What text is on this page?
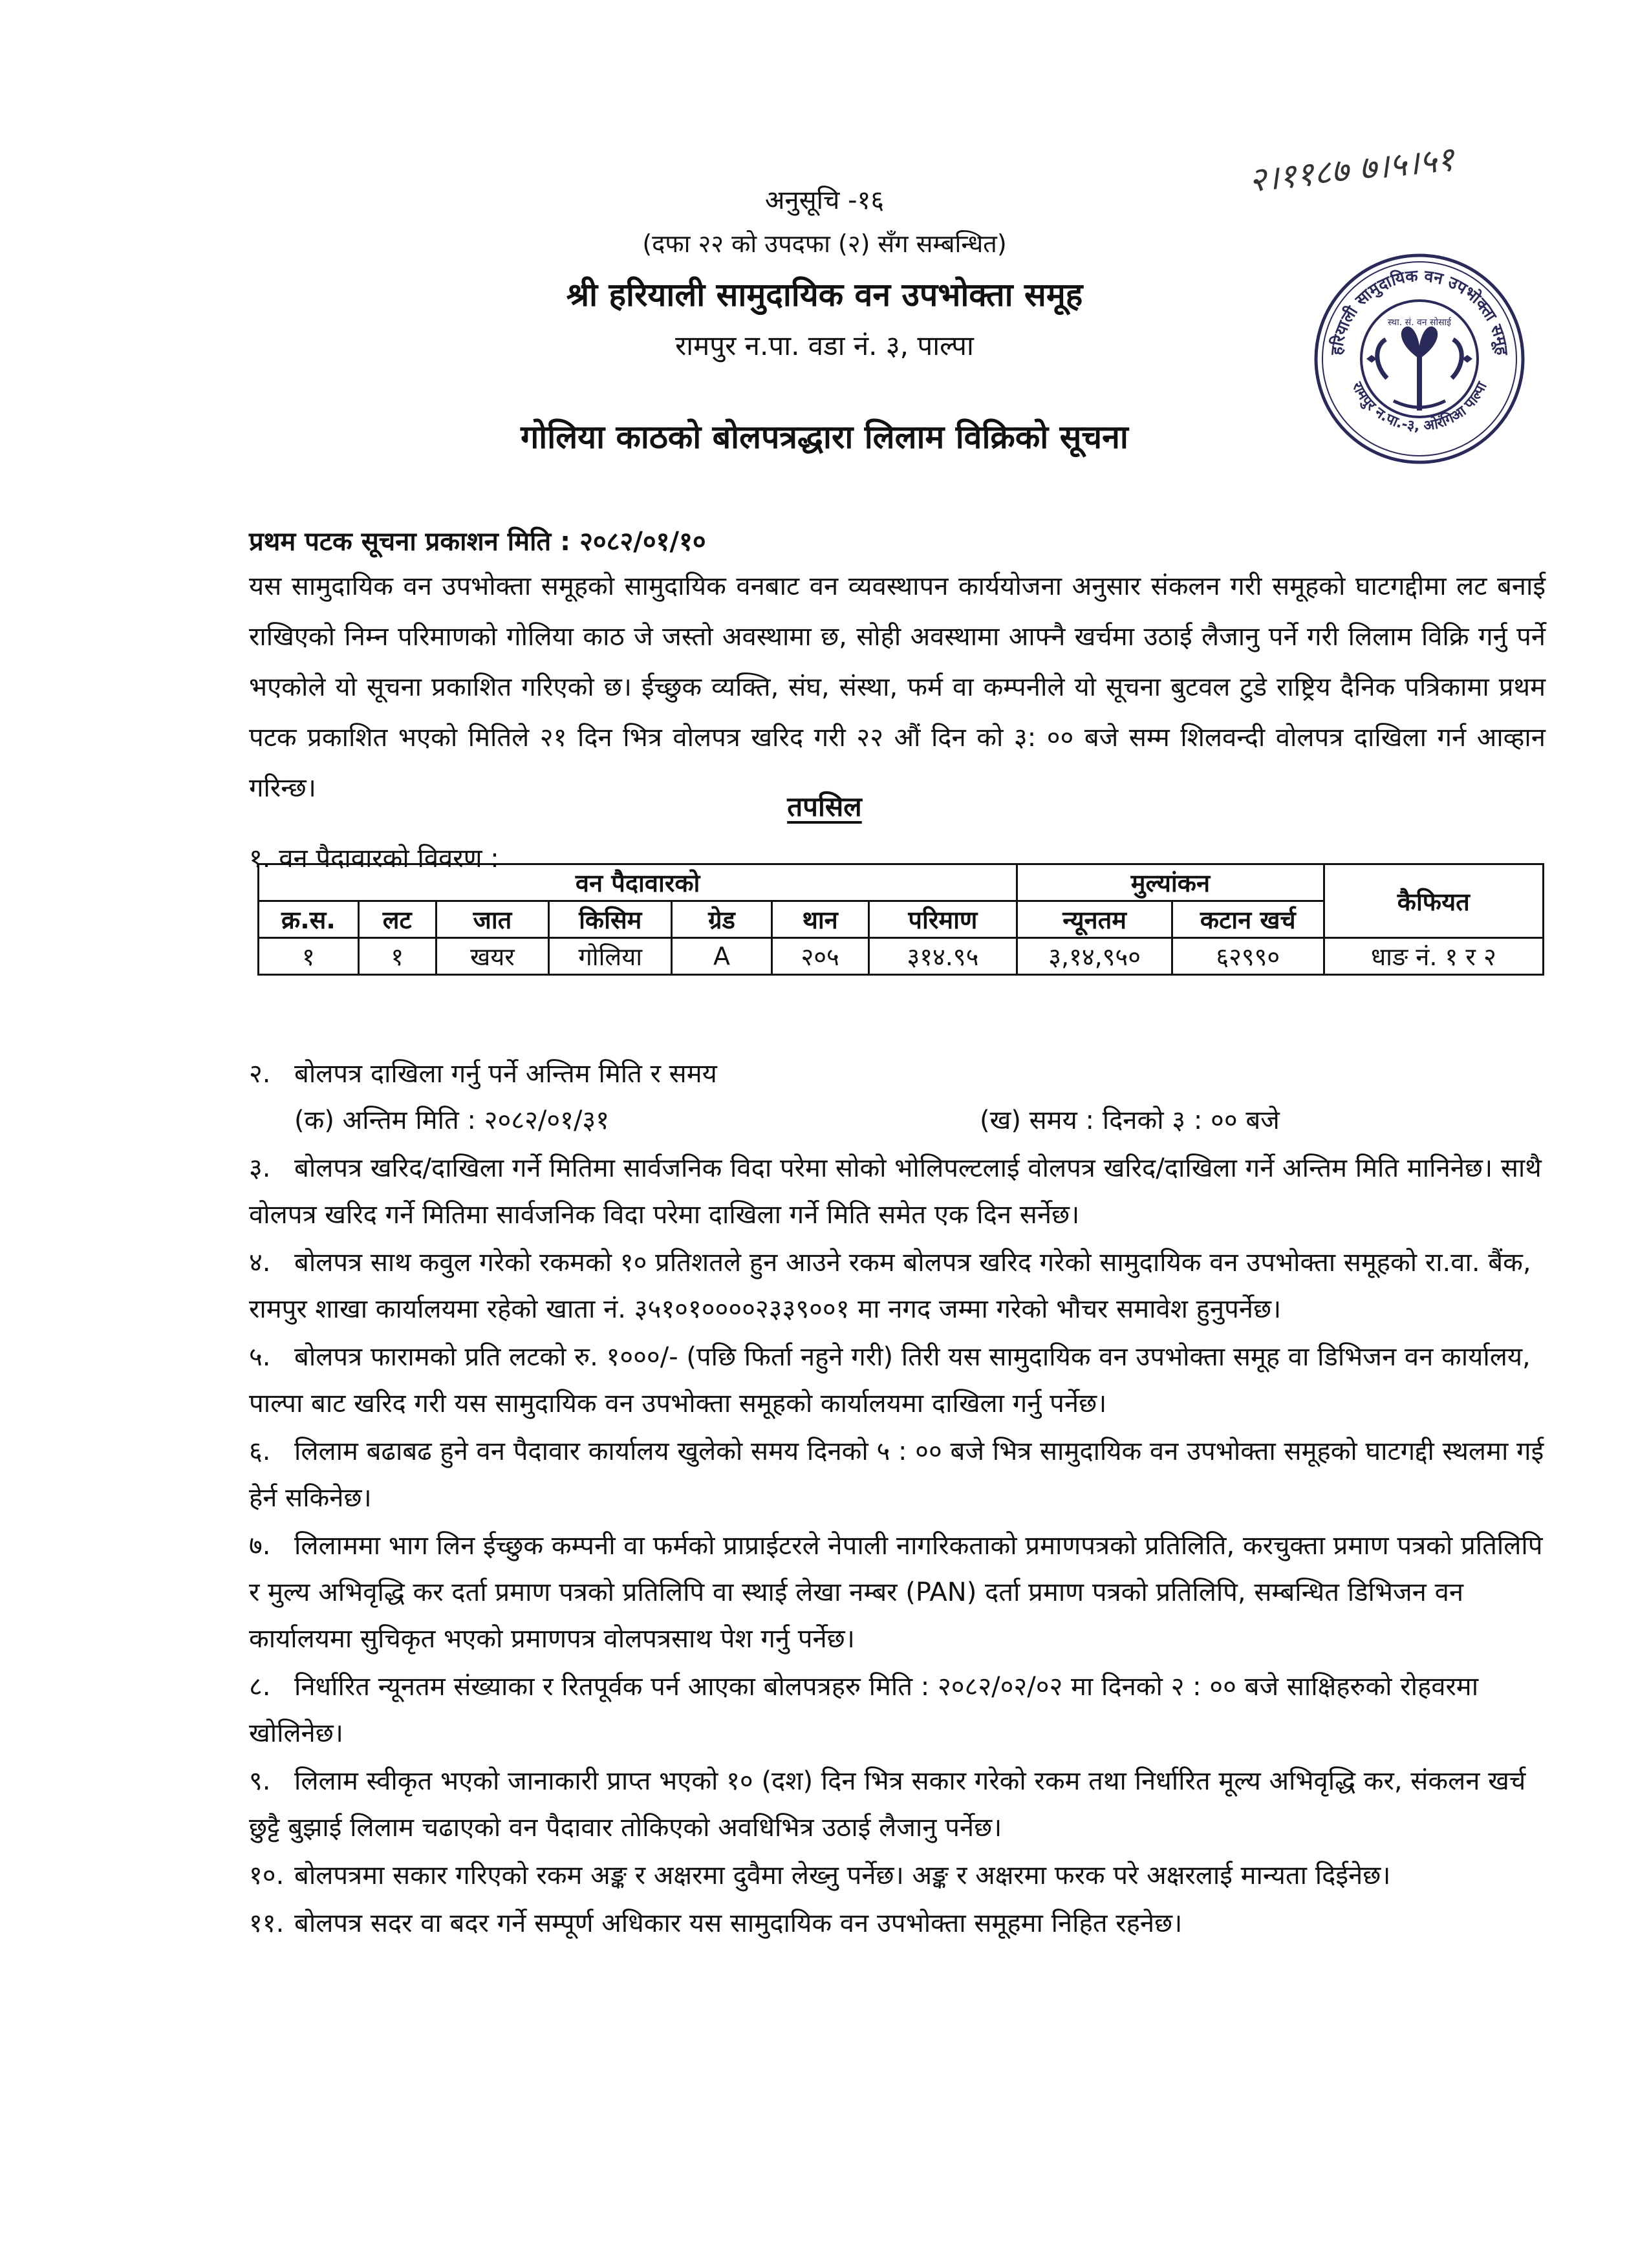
२।११८७ ७।५।५१
अनुसूचि -१६
(दफा २२ को उपदफा (२) सँग सम्बन्धित)
श्री हरियाली सामुदायिक वन उपभोक्ता समूह
रामपुर न.पा. वडा नं. ३, पाल्पा
गोलिया काठको बोलपत्रद्धारा लिलाम विक्रिको सूचना
हरियाली सामुदायिक वन उपभोक्ता समूह
रामपुर न.पा.-३, ओरंगिआ पाल्पा
स्था. सं. वन सोसाई
प्रथम पटक सूचना प्रकाशन मिति : २०८२/०१/१०

यस सामुदायिक वन उपभोक्ता समूहको सामुदायिक वनबाट वन व्यवस्थापन कार्ययोजना अनुसार संकलन गरी समूहको घाटगद्दीमा लट बनाई राखिएको निम्न परिमाणको गोलिया काठ जे जस्तो अवस्थामा छ, सोही अवस्थामा आफ्नै खर्चमा उठाई लैजानु पर्ने गरी लिलाम विक्रि गर्नु पर्ने भएकोले यो सूचना प्रकाशित गरिएको छ। ईच्छुक व्यक्ति, संघ, संस्था, फर्म वा कम्पनीले यो सूचना बुटवल टुडे राष्ट्रिय दैनिक पत्रिकामा प्रथम पटक प्रकाशित भएको मितिले २१ दिन भित्र वोलपत्र खरिद गरी २२ औं दिन को ३: ०० बजे सम्म शिलवन्दी वोलपत्र दाखिला गर्न आव्हान गरिन्छ।

तपसिल
१. वन पैदावारको विवरण :
वन पैदावारको							मुल्यांकन		कैफियत
क्र.स.	लट	जात	किसिम	ग्रेड	थान	परिमाण	न्यूनतम	कटान खर्च	
१	१	खयर	गोलिया	A	२०५	३१४.९५	३,१४,९५०	६२९९०	धाङ नं. १ र २
२. बोलपत्र दाखिला गर्नु पर्ने अन्तिम मिति र समय
(क) अन्तिम मिति : २०८२/०१/३१	(ख) समय : दिनको ३ : ०० बजे
३. बोलपत्र खरिद/दाखिला गर्ने मितिमा सार्वजनिक विदा परेमा सोको भोलिपल्टलाई वोलपत्र खरिद/दाखिला गर्ने अन्तिम मिति मानिनेछ। साथै वोलपत्र खरिद गर्ने मितिमा सार्वजनिक विदा परेमा दाखिला गर्ने मिति समेत एक दिन सर्नेछ।
४. बोलपत्र साथ कवुल गरेको रकमको १० प्रतिशतले हुन आउने रकम बोलपत्र खरिद गरेको सामुदायिक वन उपभोक्ता समूहको रा.वा. बैंक, रामपुर शाखा कार्यालयमा रहेको खाता नं. ३५१०१००००२३३९००१ मा नगद जम्मा गरेको भौचर समावेश हुनुपर्नेछ।
५. बोलपत्र फारामको प्रति लटको रु. १०००/- (पछि फिर्ता नहुने गरी) तिरी यस सामुदायिक वन उपभोक्ता समूह वा डिभिजन वन कार्यालय, पाल्पा बाट खरिद गरी यस सामुदायिक वन उपभोक्ता समूहको कार्यालयमा दाखिला गर्नु पर्नेछ।
६. लिलाम बढाबढ हुने वन पैदावार कार्यालय खुलेको समय दिनको ५ : ०० बजे भित्र सामुदायिक वन उपभोक्ता समूहको घाटगद्दी स्थलमा गई हेर्न सकिनेछ।
७. लिलाममा भाग लिन ईच्छुक कम्पनी वा फर्मको प्राप्राईटरले नेपाली नागरिकताको प्रमाणपत्रको प्रतिलिति, करचुक्ता प्रमाण पत्रको प्रतिलिपि र मुल्य अभिवृद्धि कर दर्ता प्रमाण पत्रको प्रतिलिपि वा स्थाई लेखा नम्बर (PAN) दर्ता प्रमाण पत्रको प्रतिलिपि, सम्बन्धित डिभिजन वन कार्यालयमा सुचिकृत भएको प्रमाणपत्र वोलपत्रसाथ पेश गर्नु पर्नेछ।
८. निर्धारित न्यूनतम संख्याका र रितपूर्वक पर्न आएका बोलपत्रहरु मिति : २०८२/०२/०२ मा दिनको २ : ०० बजे साक्षिहरुको रोहवरमा खोलिनेछ।
९. लिलाम स्वीकृत भएको जानाकारी प्राप्त भएको १० (दश) दिन भित्र सकार गरेको रकम तथा निर्धारित मूल्य अभिवृद्धि कर, संकलन खर्च छुट्टै बुझाई लिलाम चढाएको वन पैदावार तोकिएको अवधिभित्र उठाई लैजानु पर्नेछ।
१०. बोलपत्रमा सकार गरिएको रकम अङ्क र अक्षरमा दुवैमा लेख्नु पर्नेछ। अङ्क र अक्षरमा फरक परे अक्षरलाई मान्यता दिईनेछ।
११. बोलपत्र सदर वा बदर गर्ने सम्पूर्ण अधिकार यस सामुदायिक वन उपभोक्ता समूहमा निहित रहनेछ।
